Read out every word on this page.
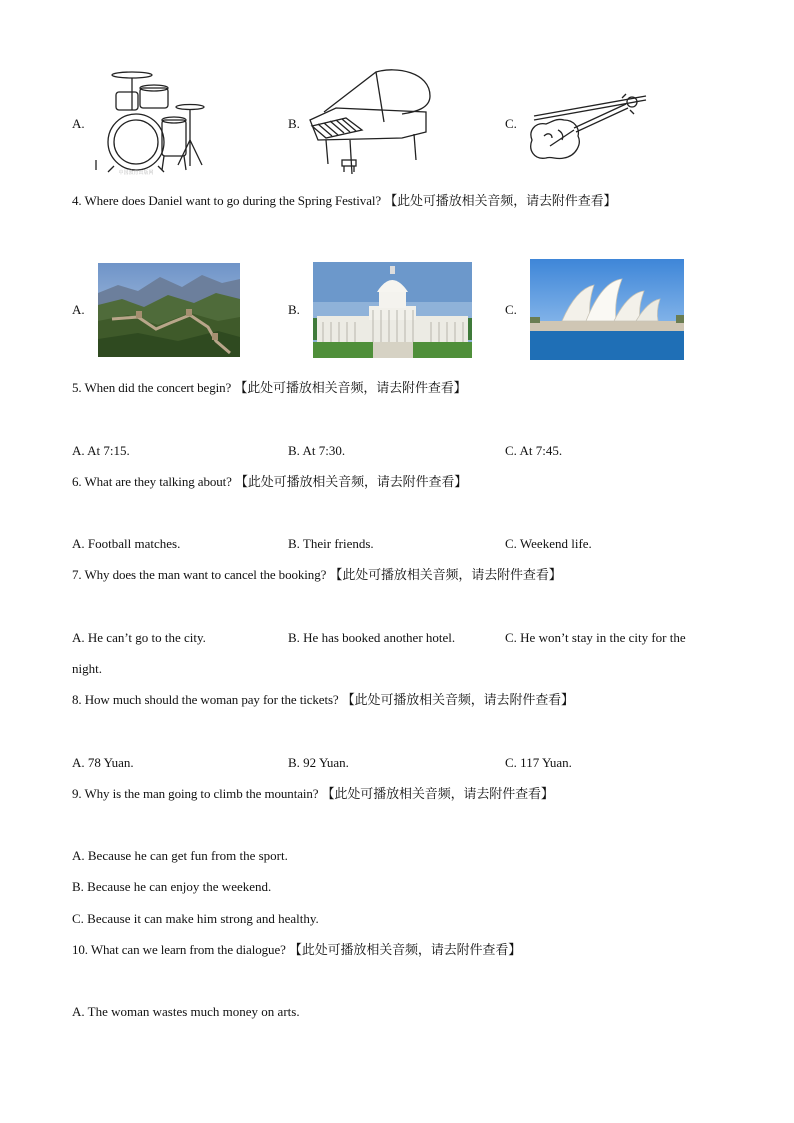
A.
中国教育出版网
B.	C.
4. Where does Daniel want to go during the Spring Festival? 【此处可播放相关音频，请去附件查看】
A.	B.	C.
5. When did the concert begin? 【此处可播放相关音频，请去附件查看】
A. At 7:15.	B. At 7:30.	C. At 7:45.
6. What are they talking about? 【此处可播放相关音频，请去附件查看】
A. Football matches.	B. Their friends.	C. Weekend life.
7. Why does the man want to cancel the booking? 【此处可播放相关音频，请去附件查看】
A. He can’t go to the city.	B. He has booked another hotel.	C. He won’t stay in the city for the
night.
8. How much should the woman pay for the tickets? 【此处可播放相关音频，请去附件查看】
A. 78 Yuan.	B. 92 Yuan.	C. 117 Yuan.
9. Why is the man going to climb the mountain? 【此处可播放相关音频，请去附件查看】
A. Because he can get fun from the sport.
B. Because he can enjoy the weekend.
C. Because it can make him strong and healthy.
10. What can we learn from the dialogue? 【此处可播放相关音频，请去附件查看】
A. The woman wastes much money on arts.
